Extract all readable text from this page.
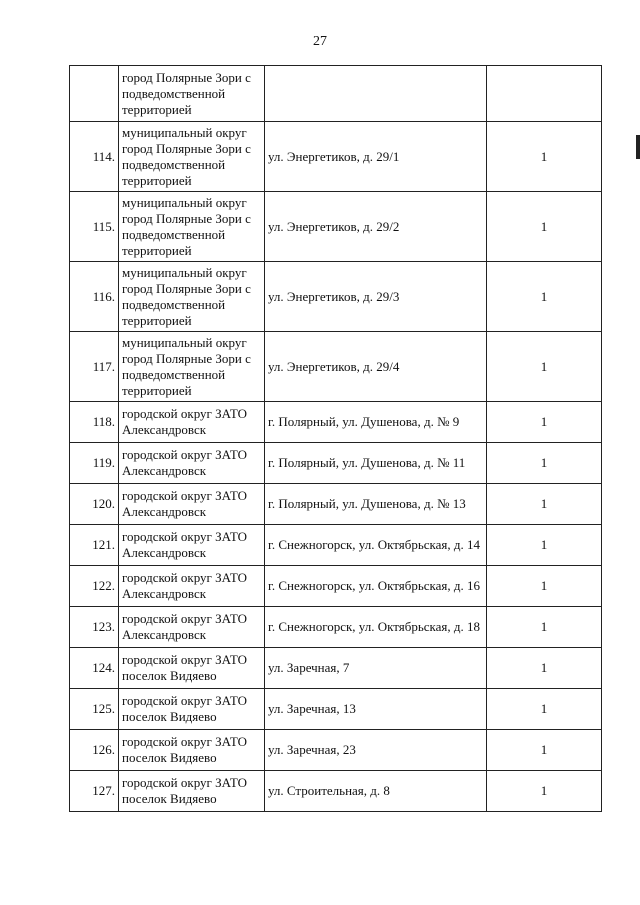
27
	город Полярные Зори с подведомственной территорией		
114.	муниципальный округ город Полярные Зори с подведомственной территорией	ул. Энергетиков, д. 29/1	1
115.	муниципальный округ город Полярные Зори с подведомственной территорией	ул. Энергетиков, д. 29/2	1
116.	муниципальный округ город Полярные Зори с подведомственной территорией	ул. Энергетиков, д. 29/3	1
117.	муниципальный округ город Полярные Зори с подведомственной территорией	ул. Энергетиков, д. 29/4	1
118.	городской округ ЗАТО Александровск	г. Полярный, ул. Душенова, д. № 9	1
119.	городской округ ЗАТО Александровск	г. Полярный, ул. Душенова, д. № 11	1
120.	городской округ ЗАТО Александровск	г. Полярный, ул. Душенова, д. № 13	1
121.	городской округ ЗАТО Александровск	г. Снежногорск, ул. Октябрьская, д. 14	1
122.	городской округ ЗАТО Александровск	г. Снежногорск, ул. Октябрьская, д. 16	1
123.	городской округ ЗАТО Александровск	г. Снежногорск, ул. Октябрьская, д. 18	1
124.	городской округ ЗАТО поселок Видяево	ул. Заречная, 7	1
125.	городской округ ЗАТО поселок Видяево	ул. Заречная, 13	1
126.	городской округ ЗАТО поселок Видяево	ул. Заречная, 23	1
127.	городской округ ЗАТО поселок Видяево	ул. Строительная, д. 8	1
